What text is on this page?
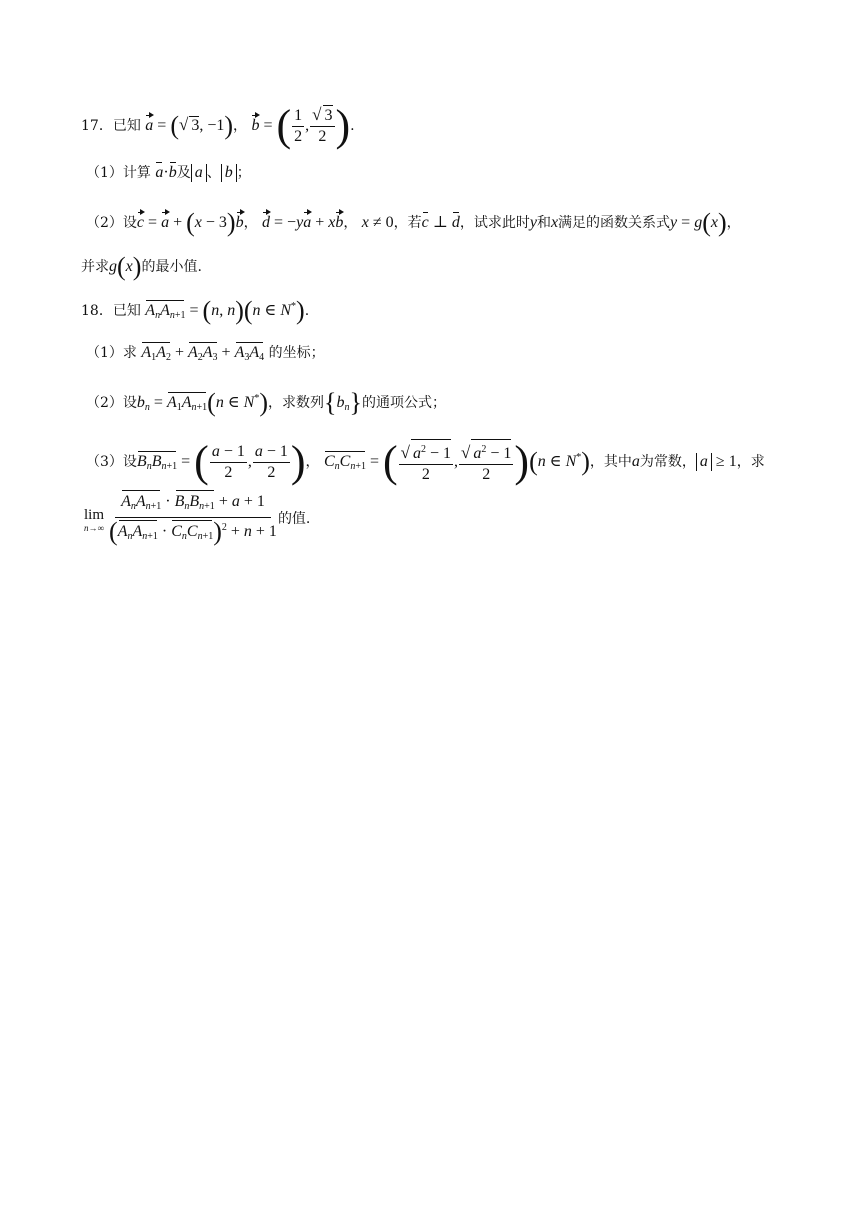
17．已知 a = (√ 3, −1)， b = ( $\frac{1}{2}$ , $\frac{√ 3}{2}$ ).
（1）计算 a·b及 a 、 b ；
（2）设c = a + (x − 3)b， d = −ya + xb， x ≠ 0，若c ⊥ d，试求此时y和x满足的函数关系式y = g(x)，
并求g(x)的最小值.
18．已知 $A_nA_{n+1} = (n$, n)(n ∈ N*).
（1）求 $A_1A_2 + A_2A_3 + A_3A_4$ 的坐标；
（2）设$b_n = A_1A_{n+1}(n$ ∈ N*)，求数列$\{b_n\}$的通项公式；
（3）设$B_nB_{n+1}$ = ( $\frac{a - 1}{2}$ , $\frac{a - 1}{2}$ )， $C_nC_{n+1}$ = ( $\frac{√ a^2 - 1}{2}$ , $\frac{√ a^2 - 1}{2} )(n$ ∈ N*)，其中a为常数， a ≥ 1，求
lim
$n\to\infty \frac{A_nA_{n+1} \cdot B_nB_{n+1} + a + 1}{(A_nA_{n+1} \cdot C_nC_{n+1})^2 + n + 1}$ 的值.
